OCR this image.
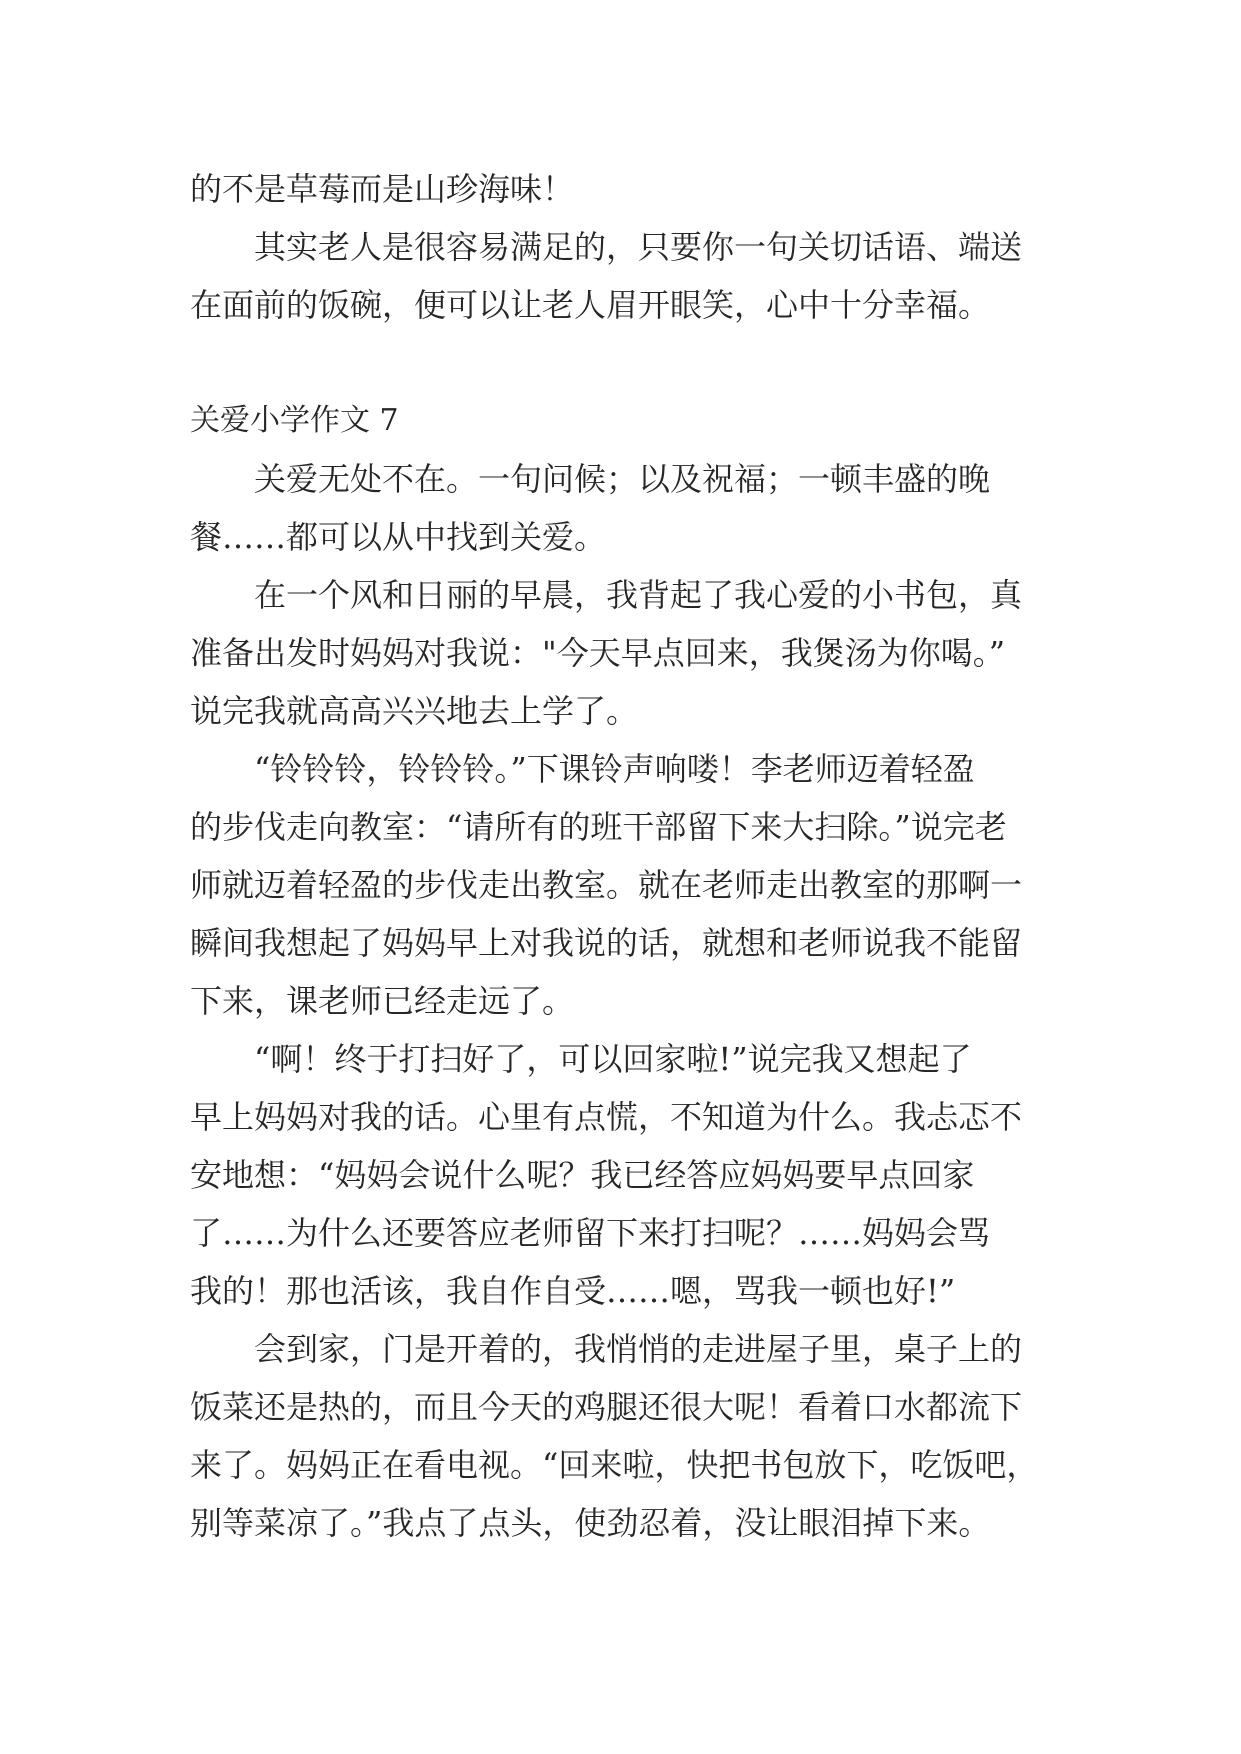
的不是草莓而是山珍海味！
其实老人是很容易满足的，只要你一句关切话语、端送
在面前的饭碗，便可以让老人眉开眼笑，心中十分幸福。
关爱小学作文 7
关爱无处不在。一句问候；以及祝福；一顿丰盛的晚
餐……都可以从中找到关爱。
在一个风和日丽的早晨，我背起了我心爱的小书包，真
准备出发时妈妈对我说："今天早点回来，我煲汤为你喝。”
说完我就高高兴兴地去上学了。
“铃铃铃，铃铃铃。”下课铃声响喽！李老师迈着轻盈
的步伐走向教室：“请所有的班干部留下来大扫除。”说完老
师就迈着轻盈的步伐走出教室。就在老师走出教室的那啊一
瞬间我想起了妈妈早上对我说的话，就想和老师说我不能留
下来，课老师已经走远了。
“啊！终于打扫好了，可以回家啦!”说完我又想起了
早上妈妈对我的话。心里有点慌，不知道为什么。我忐忑不
安地想：“妈妈会说什么呢？我已经答应妈妈要早点回家
了……为什么还要答应老师留下来打扫呢？……妈妈会骂
我的！那也活该，我自作自受……嗯，骂我一顿也好!”
会到家，门是开着的，我悄悄的走进屋子里，桌子上的
饭菜还是热的，而且今天的鸡腿还很大呢！看着口水都流下
来了。妈妈正在看电视。“回来啦，快把书包放下，吃饭吧，
别等菜凉了。”我点了点头，使劲忍着，没让眼泪掉下来。
